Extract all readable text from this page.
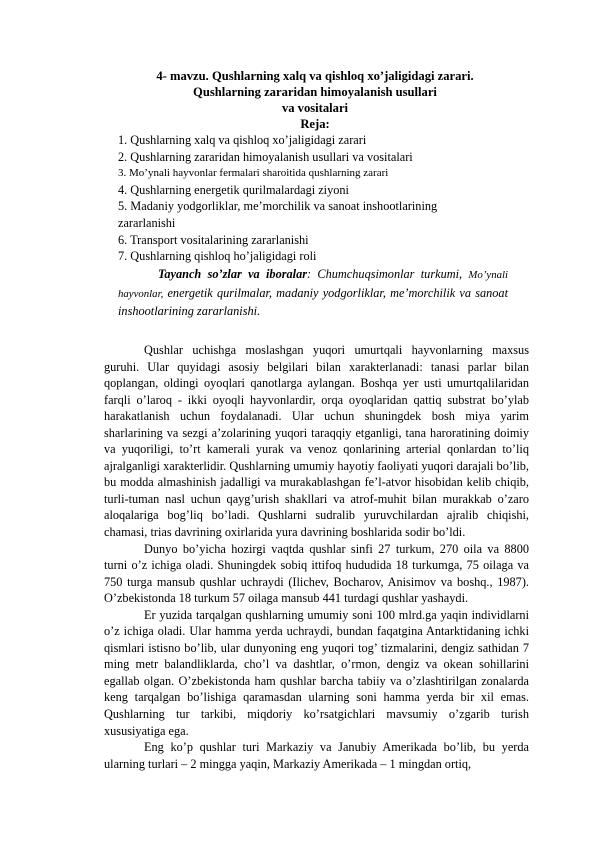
4- mavzu. Qushlarning xalq va qishloq xo’jaligidagi zarari.
Qushlarning zararidan himoyalanish usullari
va vositalari
Reja:
1. Qushlarning xalq va qishloq xo’jaligidagi zarari
2. Qushlarning zararidan himoyalanish usullari va vositalari
3. Mo’ynali hayvonlar fermalari sharoitida qushlarning zarari
4. Qushlarning energetik qurilmalardagi ziyoni
5. Madaniy yodgorliklar, me’morchilik va sanoat inshootlarining
zararlanishi
6. Transport vositalarining zararlanishi
7. Qushlarning qishloq ho’jaligidagi roli
Tayanch so’zlar va iboralar: Chumchuqsimonlar turkumi, Mo’ynali hayvonlar, energetik qurilmalar, madaniy yodgorliklar, me’morchilik va sanoat inshootlarining zararlanishi.

Qushlar uchishga moslashgan yuqori umurtqali hayvonlarning maxsus guruhi. Ular quyidagi asosiy belgilari bilan xarakterlanadi: tanasi parlar bilan qoplangan, oldingi oyoqlari qanotlarga aylangan. Boshqa yer usti umurtqalilaridan farqli o’laroq - ikki oyoqli hayvonlardir, orqa oyoqlaridan qattiq substrat bo’ylab harakatlanish uchun foydalanadi. Ular uchun shuningdek bosh miya yarim sharlarining va sezgi a’zolarining yuqori taraqqiy etganligi, tana haroratining doimiy va yuqoriligi, to’rt kamerali yurak va venoz qonlarining arterial qonlardan to’liq ajralganligi xarakterlidir. Qushlarning umumiy hayotiy faoliyati yuqori darajali bo’lib, bu modda almashinish jadalligi va murakablashgan fe’l-atvor hisobidan kelib chiqib, turli-tuman nasl uchun qayg’urish shakllari va atrof-muhit bilan murakkab o’zaro aloqalariga bog’liq bo’ladi. Qushlarni sudralib yuruvchilardan ajralib chiqishi, chamasi, trias davrining oxirlarida yura davrining boshlarida sodir bo’ldi.

Dunyo bo’yicha hozirgi vaqtda qushlar sinfi 27 turkum, 270 oila va 8800 turni o’z ichiga oladi. Shuningdek sobiq ittifoq hududida 18 turkumga, 75 oilaga va 750 turga mansub qushlar uchraydi (Ilichev, Bocharov, Anisimov va boshq., 1987). O’zbekistonda 18 turkum 57 oilaga mansub 441 turdagi qushlar yashaydi.

Er yuzida tarqalgan qushlarning umumiy soni 100 mlrd.ga yaqin individlarni o’z ichiga oladi. Ular hamma yerda uchraydi, bundan faqatgina Antarktidaning ichki qismlari istisno bo’lib, ular dunyoning eng yuqori tog’ tizmalarini, dengiz sathidan 7 ming metr balandliklarda, cho’l va dashtlar, o’rmon, dengiz va okean sohillarini egallab olgan. O’zbekistonda ham qushlar barcha tabiiy va o’zlashtirilgan zonalarda keng tarqalgan bo’lishiga qaramasdan ularning soni hamma yerda bir xil emas. Qushlarning tur tarkibi, miqdoriy ko’rsatgichlari mavsumiy o’zgarib turish xususiyatiga ega.

Eng ko’p qushlar turi Markaziy va Janubiy Amerikada bo’lib, bu yerda ularning turlari – 2 mingga yaqin, Markaziy Amerikada – 1 mingdan ortiq,
